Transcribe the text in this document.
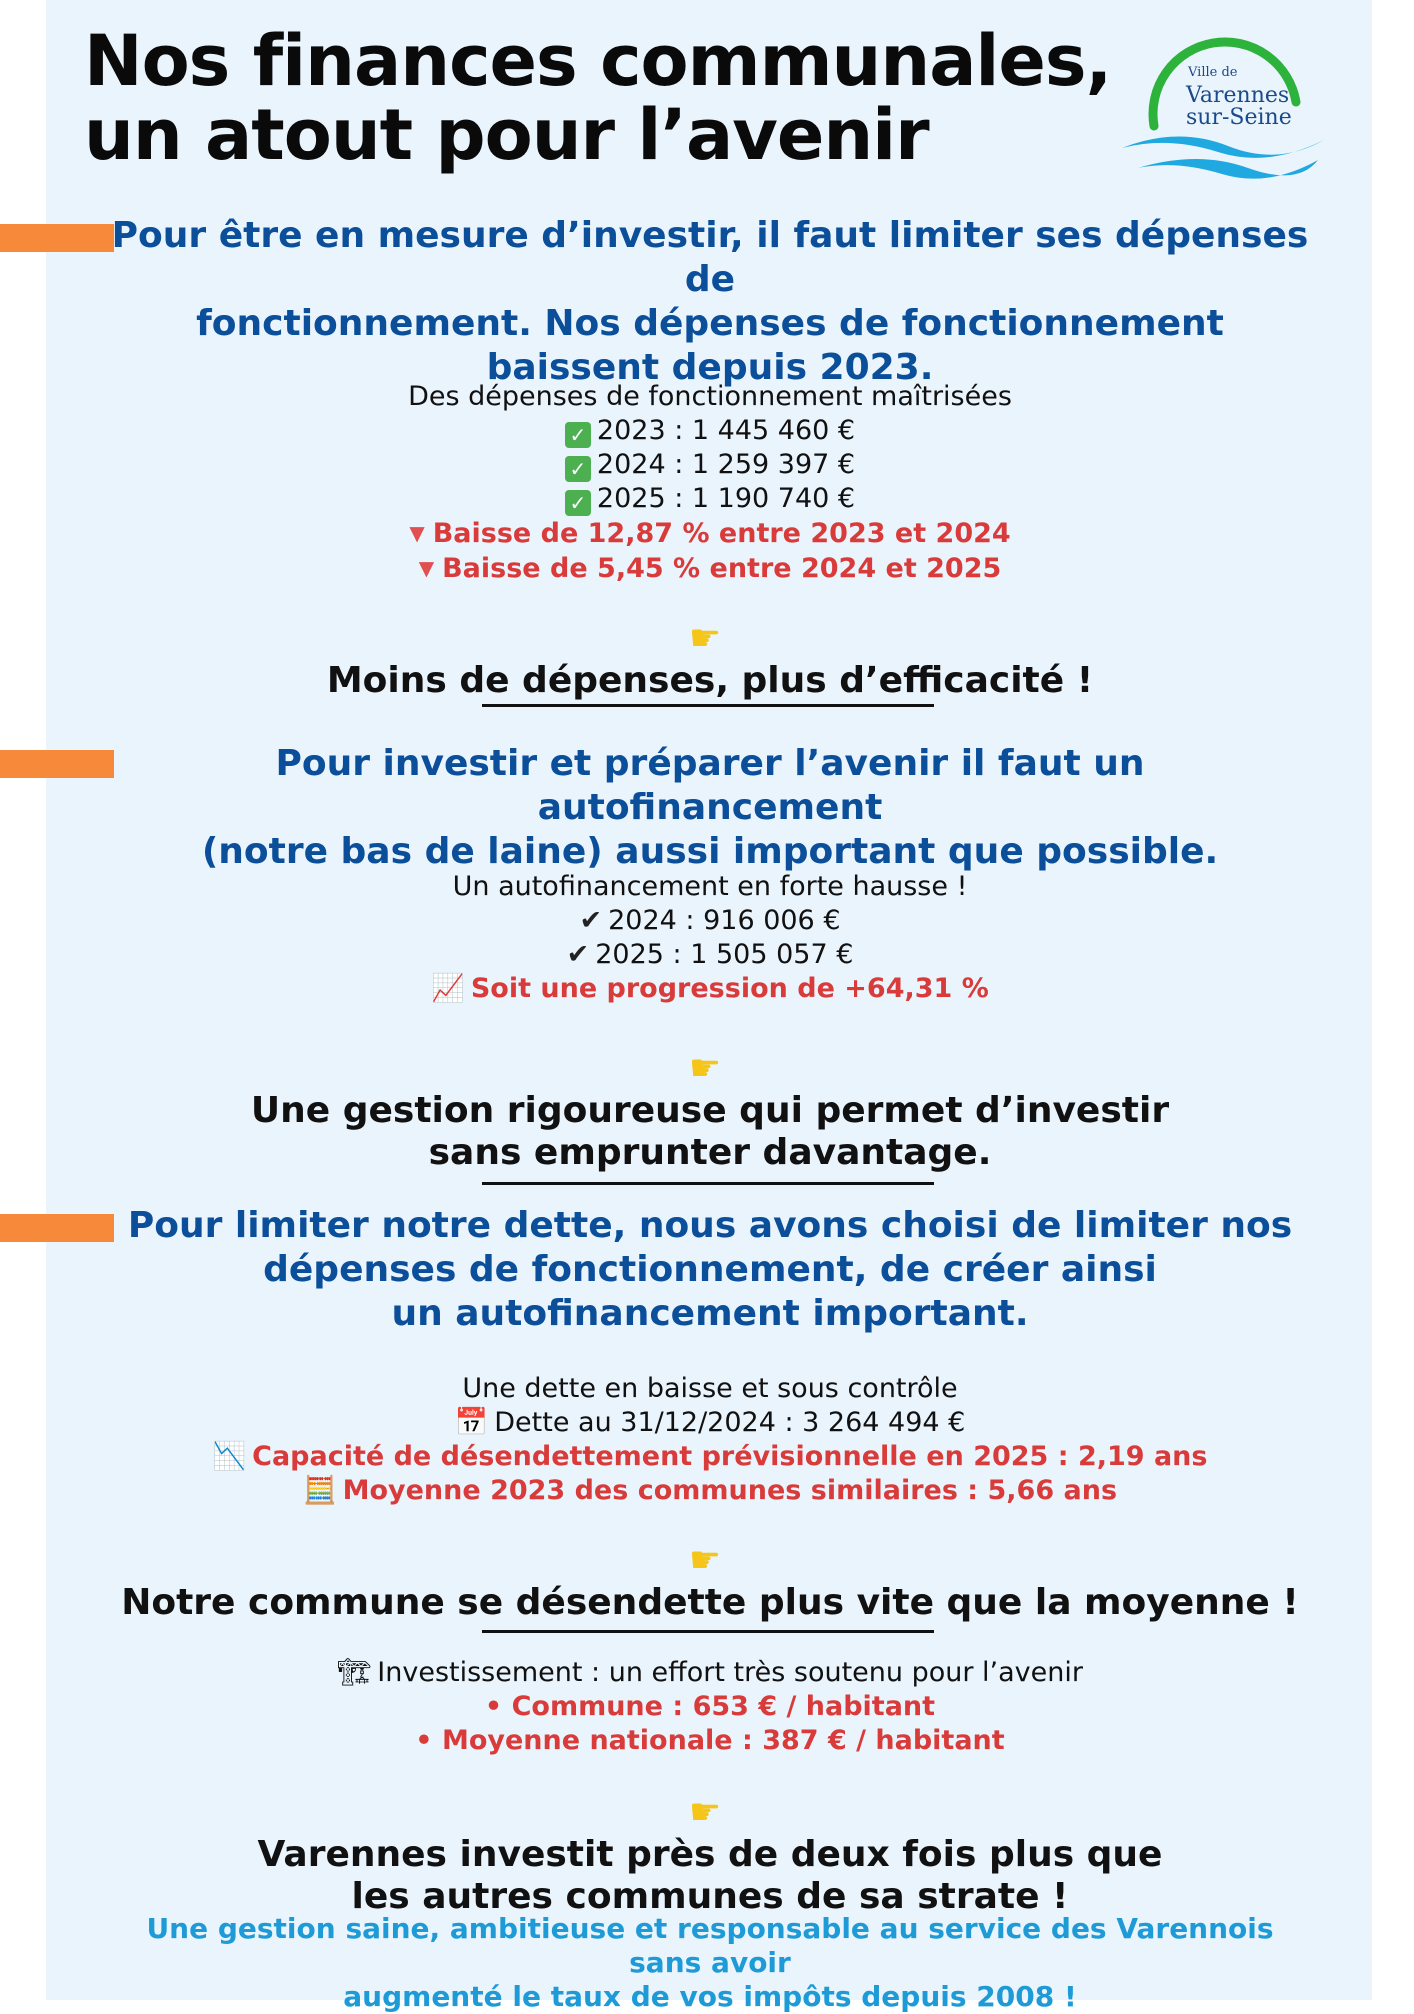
Nos finances communales,
un atout pour l’avenir
Ville de
Varennes
sur-Seine
Pour être en mesure d’investir, il faut limiter ses dépenses de
fonctionnement. Nos dépenses de fonctionnement
baissent depuis 2023.
Des dépenses de fonctionnement maîtrisées
✓ 2023 : 1 445 460 €
✓ 2024 : 1 259 397 €
✓ 2025 : 1 190 740 €
▼ Baisse de 12,87 % entre 2023 et 2024
▼ Baisse de 5,45 % entre 2024 et 2025
☛
Moins de dépenses, plus d’efficacité !
Pour investir et préparer l’avenir il faut un autofinancement
(notre bas de laine) aussi important que possible.
Un autofinancement en forte hausse !
✔ 2024 : 916 006 €
✔ 2025 : 1 505 057 €
📈 Soit une progression de +64,31 %
☛
Une gestion rigoureuse qui permet d’investir
sans emprunter davantage.
Pour limiter notre dette, nous avons choisi de limiter nos
dépenses de fonctionnement, de créer ainsi
un autofinancement important.
Une dette en baisse et sous contrôle
📅 Dette au 31/12/2024 : 3 264 494 €
📉 Capacité de désendettement prévisionnelle en 2025 : 2,19 ans
🧮 Moyenne 2023 des communes similaires : 5,66 ans
☛
Notre commune se désendette plus vite que la moyenne !
🏗 Investissement : un effort très soutenu pour l’avenir
• Commune : 653 € / habitant
• Moyenne nationale : 387 € / habitant
☛
Varennes investit près de deux fois plus que
les autres communes de sa strate !
Une gestion saine, ambitieuse et responsable au service des Varennois sans avoir
augmenté le taux de vos impôts depuis 2008 !
